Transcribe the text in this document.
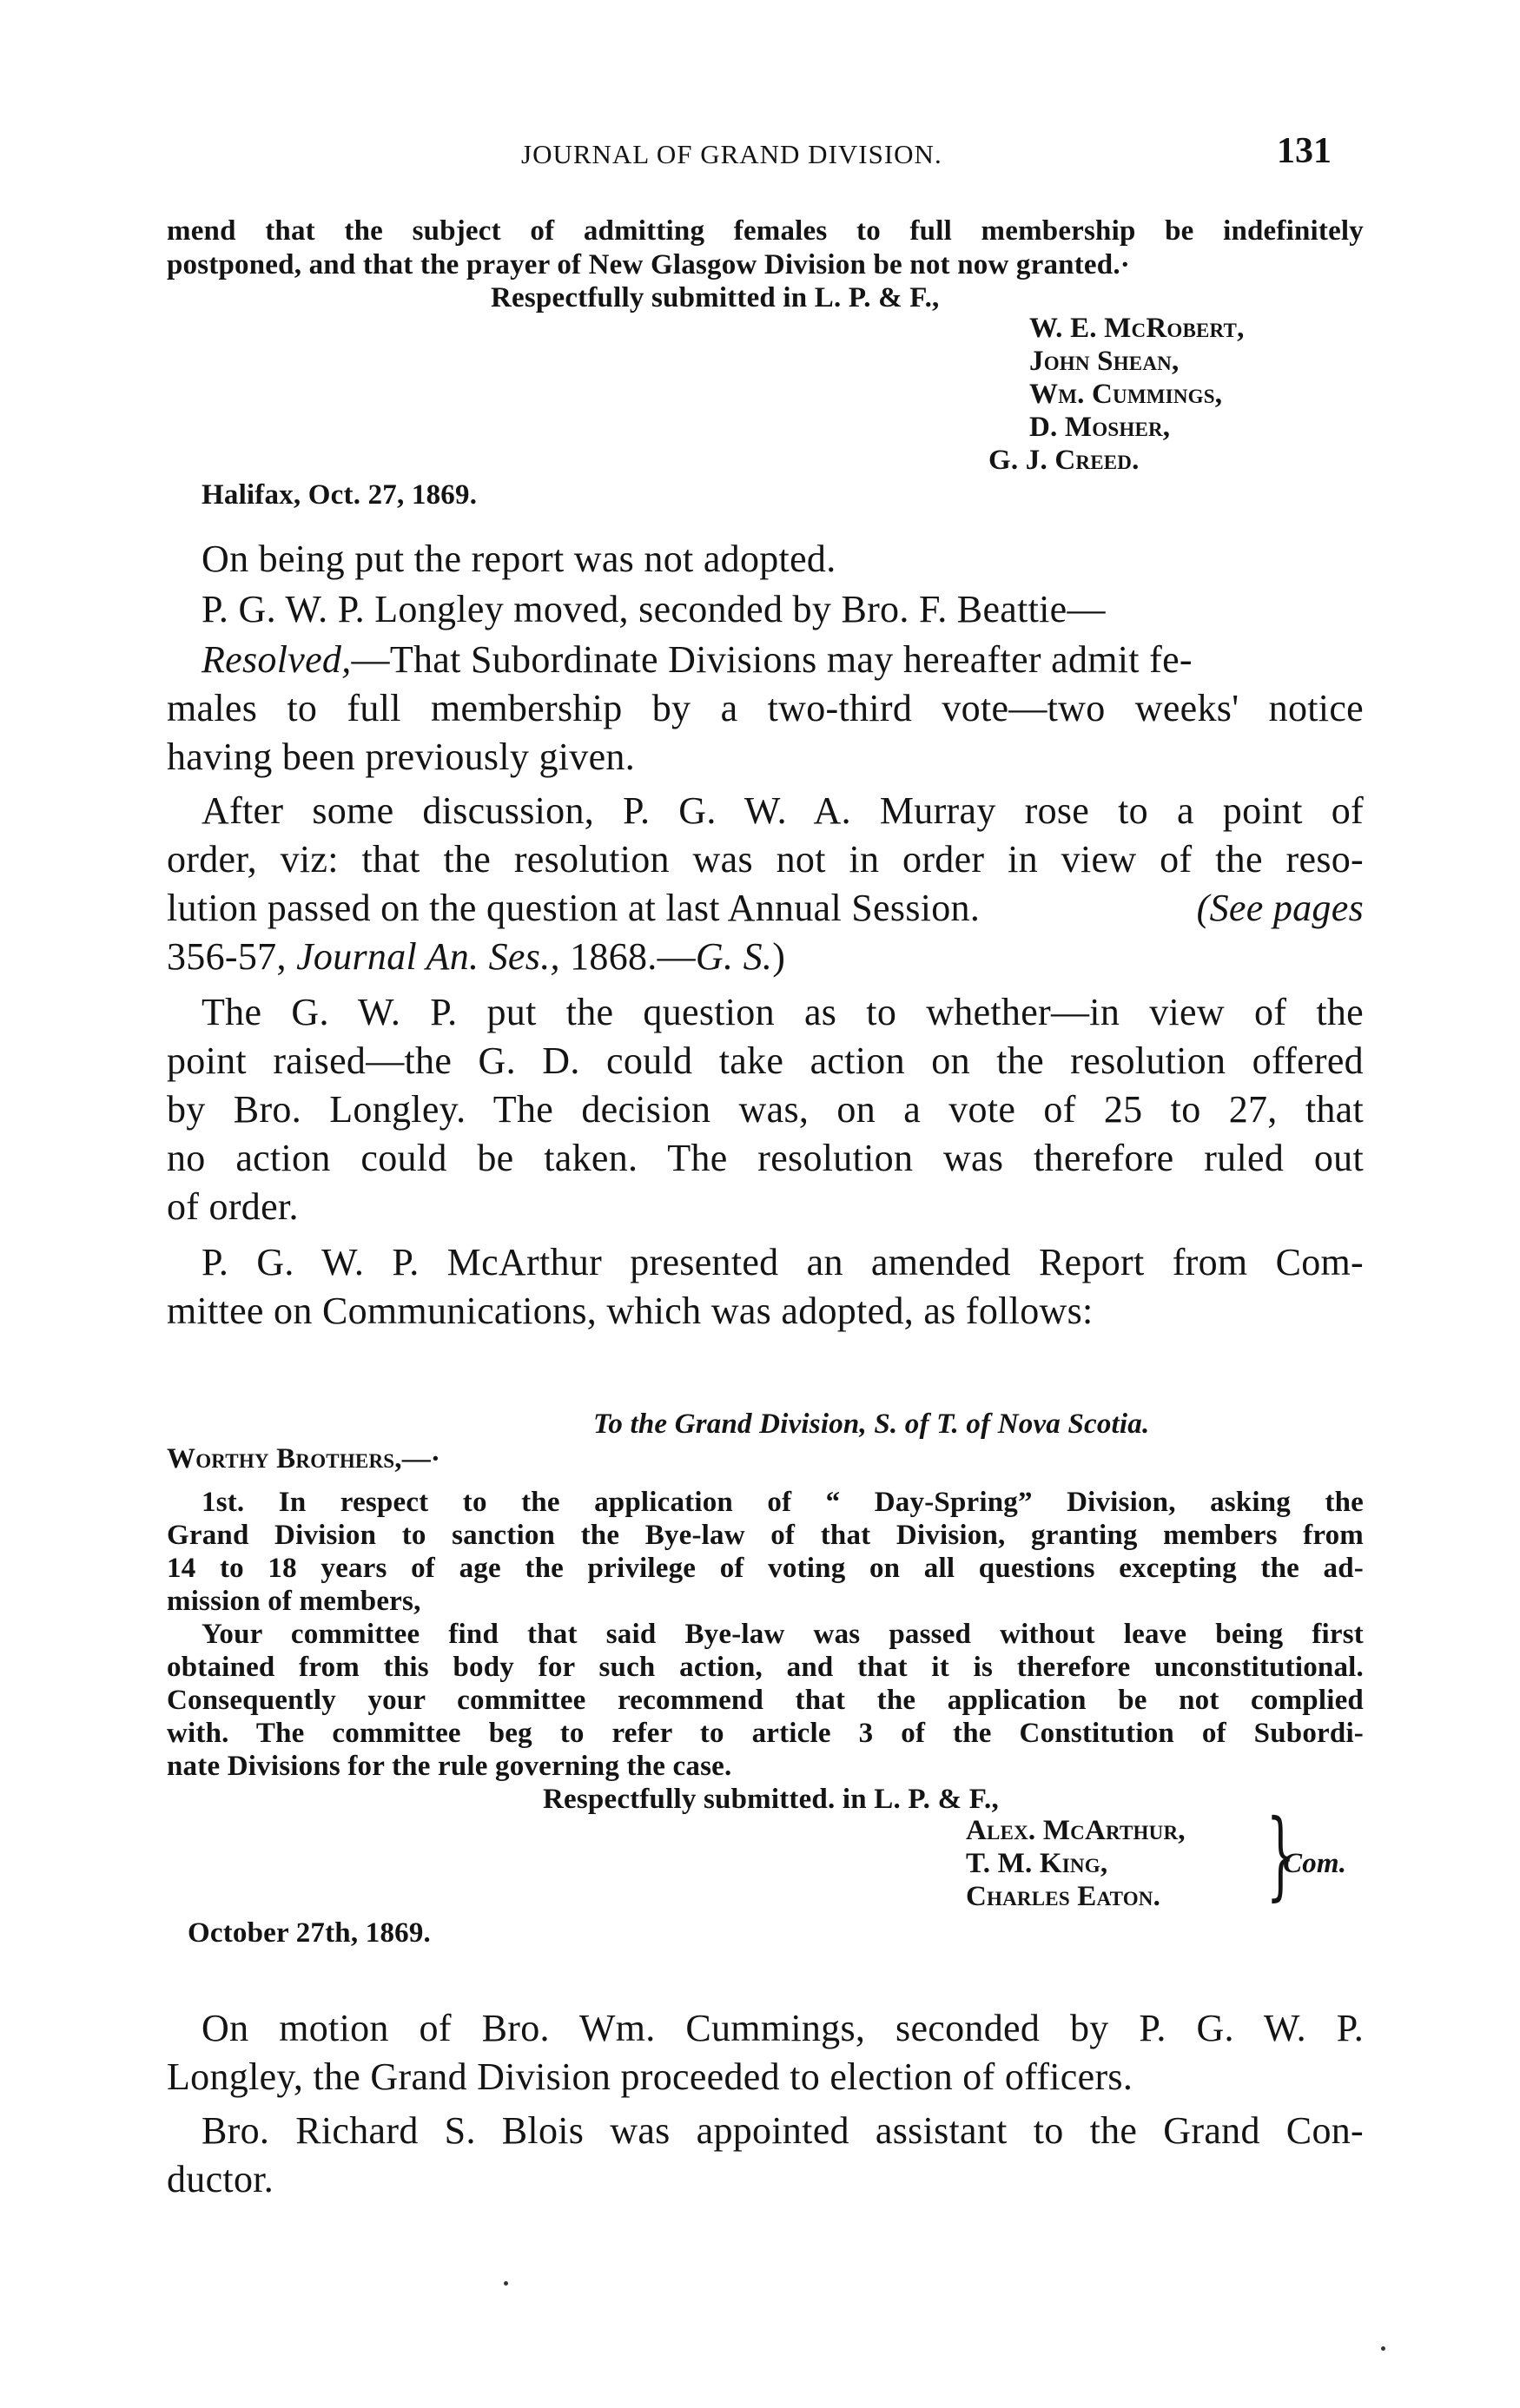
JOURNAL OF GRAND DIVISION.	131
mend that the subject of admitting females to full membership be indefinitely
postponed, and that the prayer of New Glasgow Division be not now granted.·
Respectfully submitted in L. P. & F.,
W. E. McRobert,
John Shean,
Wm. Cummings,
D. Mosher,
G. J. Creed.
Halifax, Oct. 27, 1869.
On being put the report was not adopted.
P. G. W. P. Longley moved, seconded by Bro. F. Beattie—
Resolved,—That Subordinate Divisions may hereafter admit fe-
males to full membership by a two-third vote—two weeks' notice
having been previously given.
After some discussion, P. G. W. A. Murray rose to a point of
order, viz: that the resolution was not in order in view of the reso-
lution passed on the question at last Annual Session.	(See pages
356-57, Journal An. Ses., 1868.—G. S.)
The G. W. P. put the question as to whether—in view of the
point raised—the G. D. could take action on the resolution offered
by Bro. Longley. The decision was, on a vote of 25 to 27, that
no action could be taken. The resolution was therefore ruled out
of order.
P. G. W. P. McArthur presented an amended Report from Com-
mittee on Communications, which was adopted, as follows:
To the Grand Division, S. of T. of Nova Scotia.
Worthy Brothers,—·
1st. In respect to the application of “ Day-Spring” Division, asking the
Grand Division to sanction the Bye-law of that Division, granting members from
14 to 18 years of age the privilege of voting on all questions excepting the ad-
mission of members,
Your committee find that said Bye-law was passed without leave being first
obtained from this body for such action, and that it is therefore unconstitutional.
Consequently your committee recommend that the application be not complied
with. The committee beg to refer to article 3 of the Constitution of Subordi-
nate Divisions for the rule governing the case.
Respectfully submitted. in L. P. & F.,
Alex. McArthur,
T. M. King,
Charles Eaton. }
Com.
October 27th, 1869.
On motion of Bro. Wm. Cummings, seconded by P. G. W. P.
Longley, the Grand Division proceeded to election of officers.
Bro. Richard S. Blois was appointed assistant to the Grand Con-
ductor.
